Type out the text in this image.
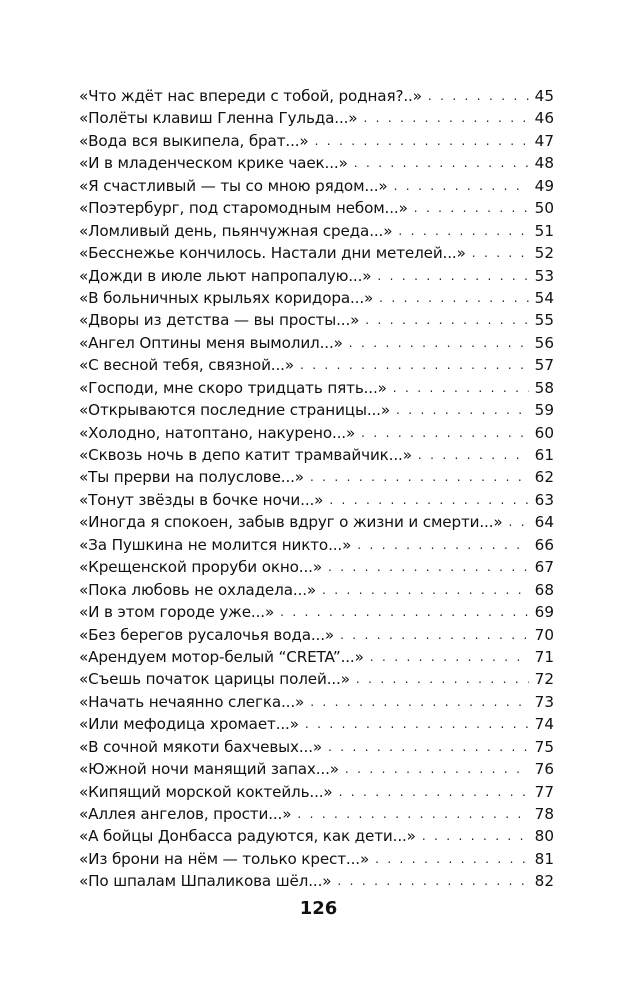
«Что ждёт нас впереди с тобой, родная?..» . . .	45
«Полёты клавиш Гленна Гульда...» . . .	46
«Вода вся выкипела, брат...» . . .	47
«И в младенческом крике чаек...» . . .	48
«Я счастливый — ты со мною рядом...» . . .	49
«Поэтербург, под старомодным небом...» . . .	50
«Ломливый день, пьянчужная среда...» . . .	51
«Бесснежье кончилось. Настали дни метелей...» . . .	52
«Дожди в июле льют напропалую...» . . .	53
«В больничных крыльях коридора...» . . .	54
«Дворы из детства — вы просты...» . . .	55
«Ангел Оптины меня вымолил...» . . .	56
«С весной тебя, связной...» . . .	57
«Господи, мне скоро тридцать пять...» . . .	58
«Открываются последние страницы...» . . .	59
«Холодно, натоптано, накурено...» . . .	60
«Сквозь ночь в депо катит трамвайчик...» . . .	61
«Ты прерви на полуслове...» . . .	62
«Тонут звёзды в бочке ночи...» . . .	63
«Иногда я спокоен, забыв вдруг о жизни и смерти...» . . . 64
«За Пушкина не молится никто...» . . .	66
«Крещенской проруби окно...» . . .	67
«Пока любовь не охладела...» . . .	68
«И в этом городе уже...» . . .	69
«Без берегов русалочья вода...» . . .	70
«Арендуем мотор-белый “CRETA”...» . . .	71
«Съешь початок царицы полей...» . . .	72
«Начать нечаянно слегка...» . . .	73
«Или мефодица хромает...» . . .	74
«В сочной мякоти бахчевых...» . . .	75
«Южной ночи манящий запах...» . . .	76
«Кипящий морской коктейль...» . . .	77
«Аллея ангелов, прости...» . . .	78
«А бойцы Донбасса радуются, как дети...» . . .	80
«Из брони на нём — только крест...» . . .	81
«По шпалам Шпаликова шёл...» . . .	82
126
